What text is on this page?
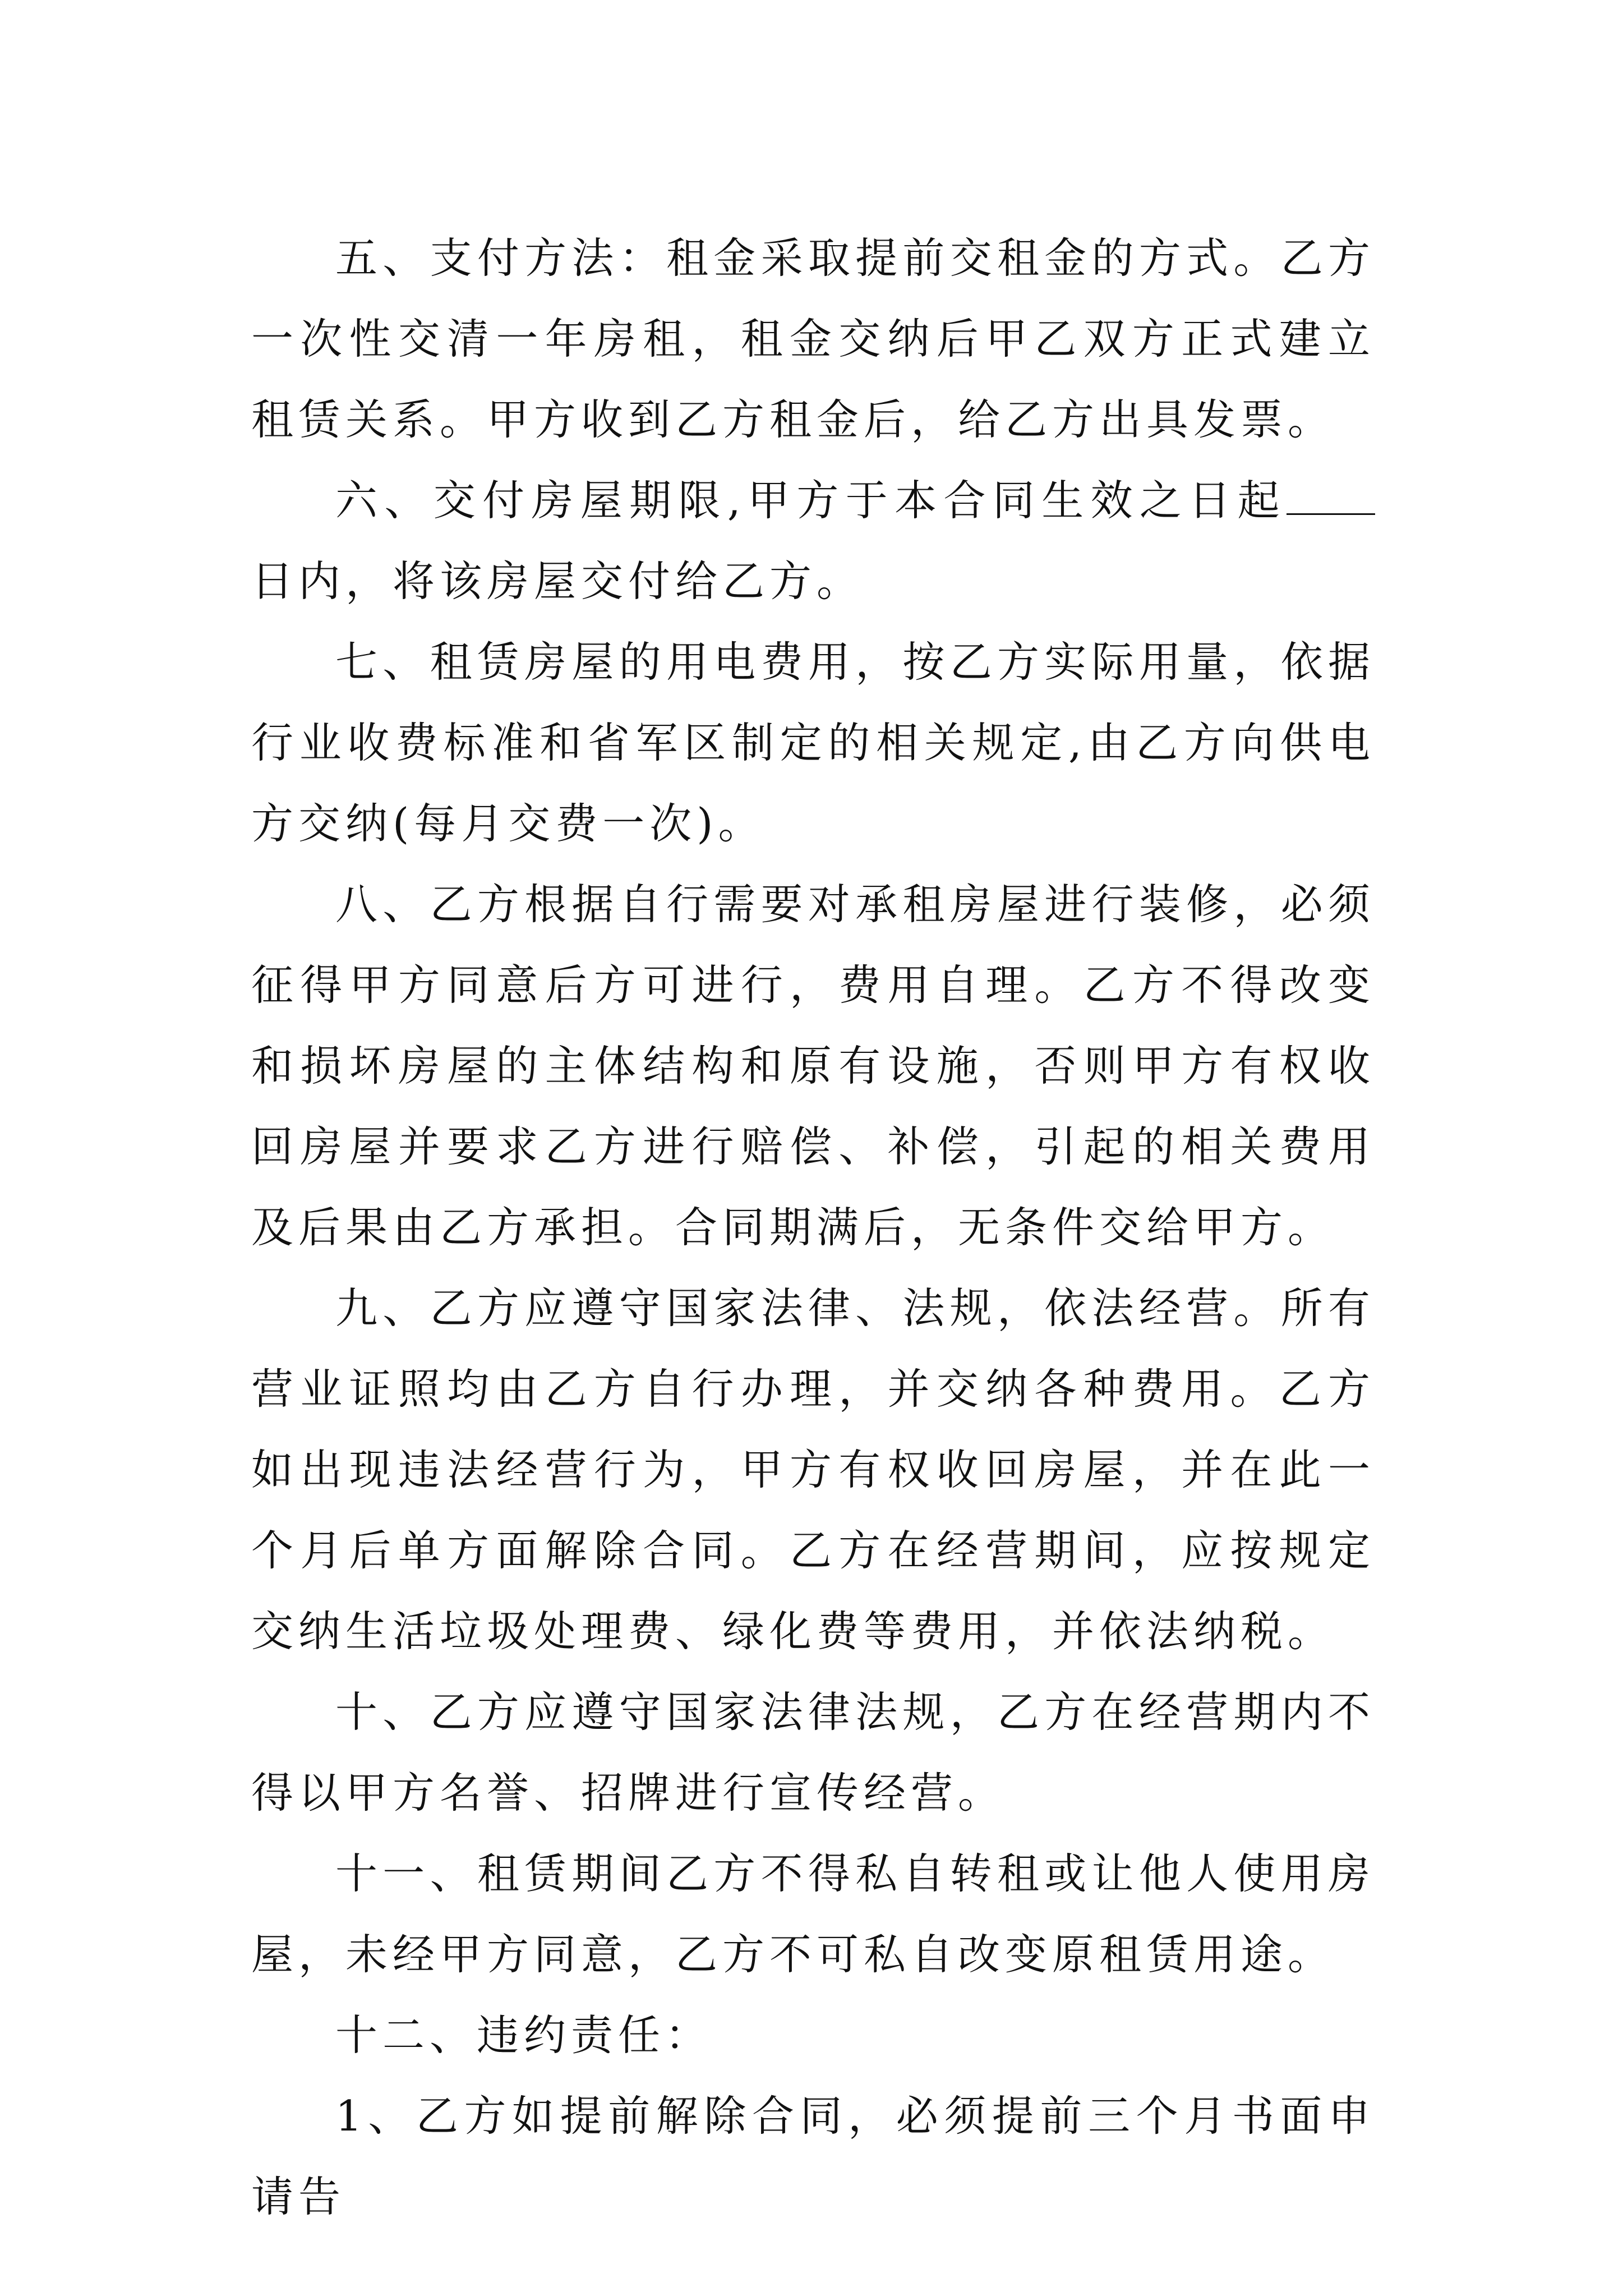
五、支付方法：租金采取提前交租金的方式。乙方一次性交清一年房租，租金交纳后甲乙双方正式建立租赁关系。甲方收到乙方租金后，给乙方出具发票。

六、交付房屋期限,甲方于本合同生效之日起日内，将该房屋交付给乙方。

七、租赁房屋的用电费用，按乙方实际用量，依据行业收费标准和省军区制定的相关规定,由乙方向供电方交纳(每月交费一次)。

八、乙方根据自行需要对承租房屋进行装修，必须征得甲方同意后方可进行，费用自理。乙方不得改变和损坏房屋的主体结构和原有设施，否则甲方有权收回房屋并要求乙方进行赔偿、补偿，引起的相关费用及后果由乙方承担。合同期满后，无条件交给甲方。

九、乙方应遵守国家法律、法规，依法经营。所有营业证照均由乙方自行办理，并交纳各种费用。乙方如出现违法经营行为，甲方有权收回房屋，并在此一个月后单方面解除合同。乙方在经营期间，应按规定交纳生活垃圾处理费、绿化费等费用，并依法纳税。

十、乙方应遵守国家法律法规，乙方在经营期内不得以甲方名誉、招牌进行宣传经营。

十一、租赁期间乙方不得私自转租或让他人使用房屋，未经甲方同意，乙方不可私自改变原租赁用途。

十二、违约责任：

1、乙方如提前解除合同，必须提前三个月书面申请告
